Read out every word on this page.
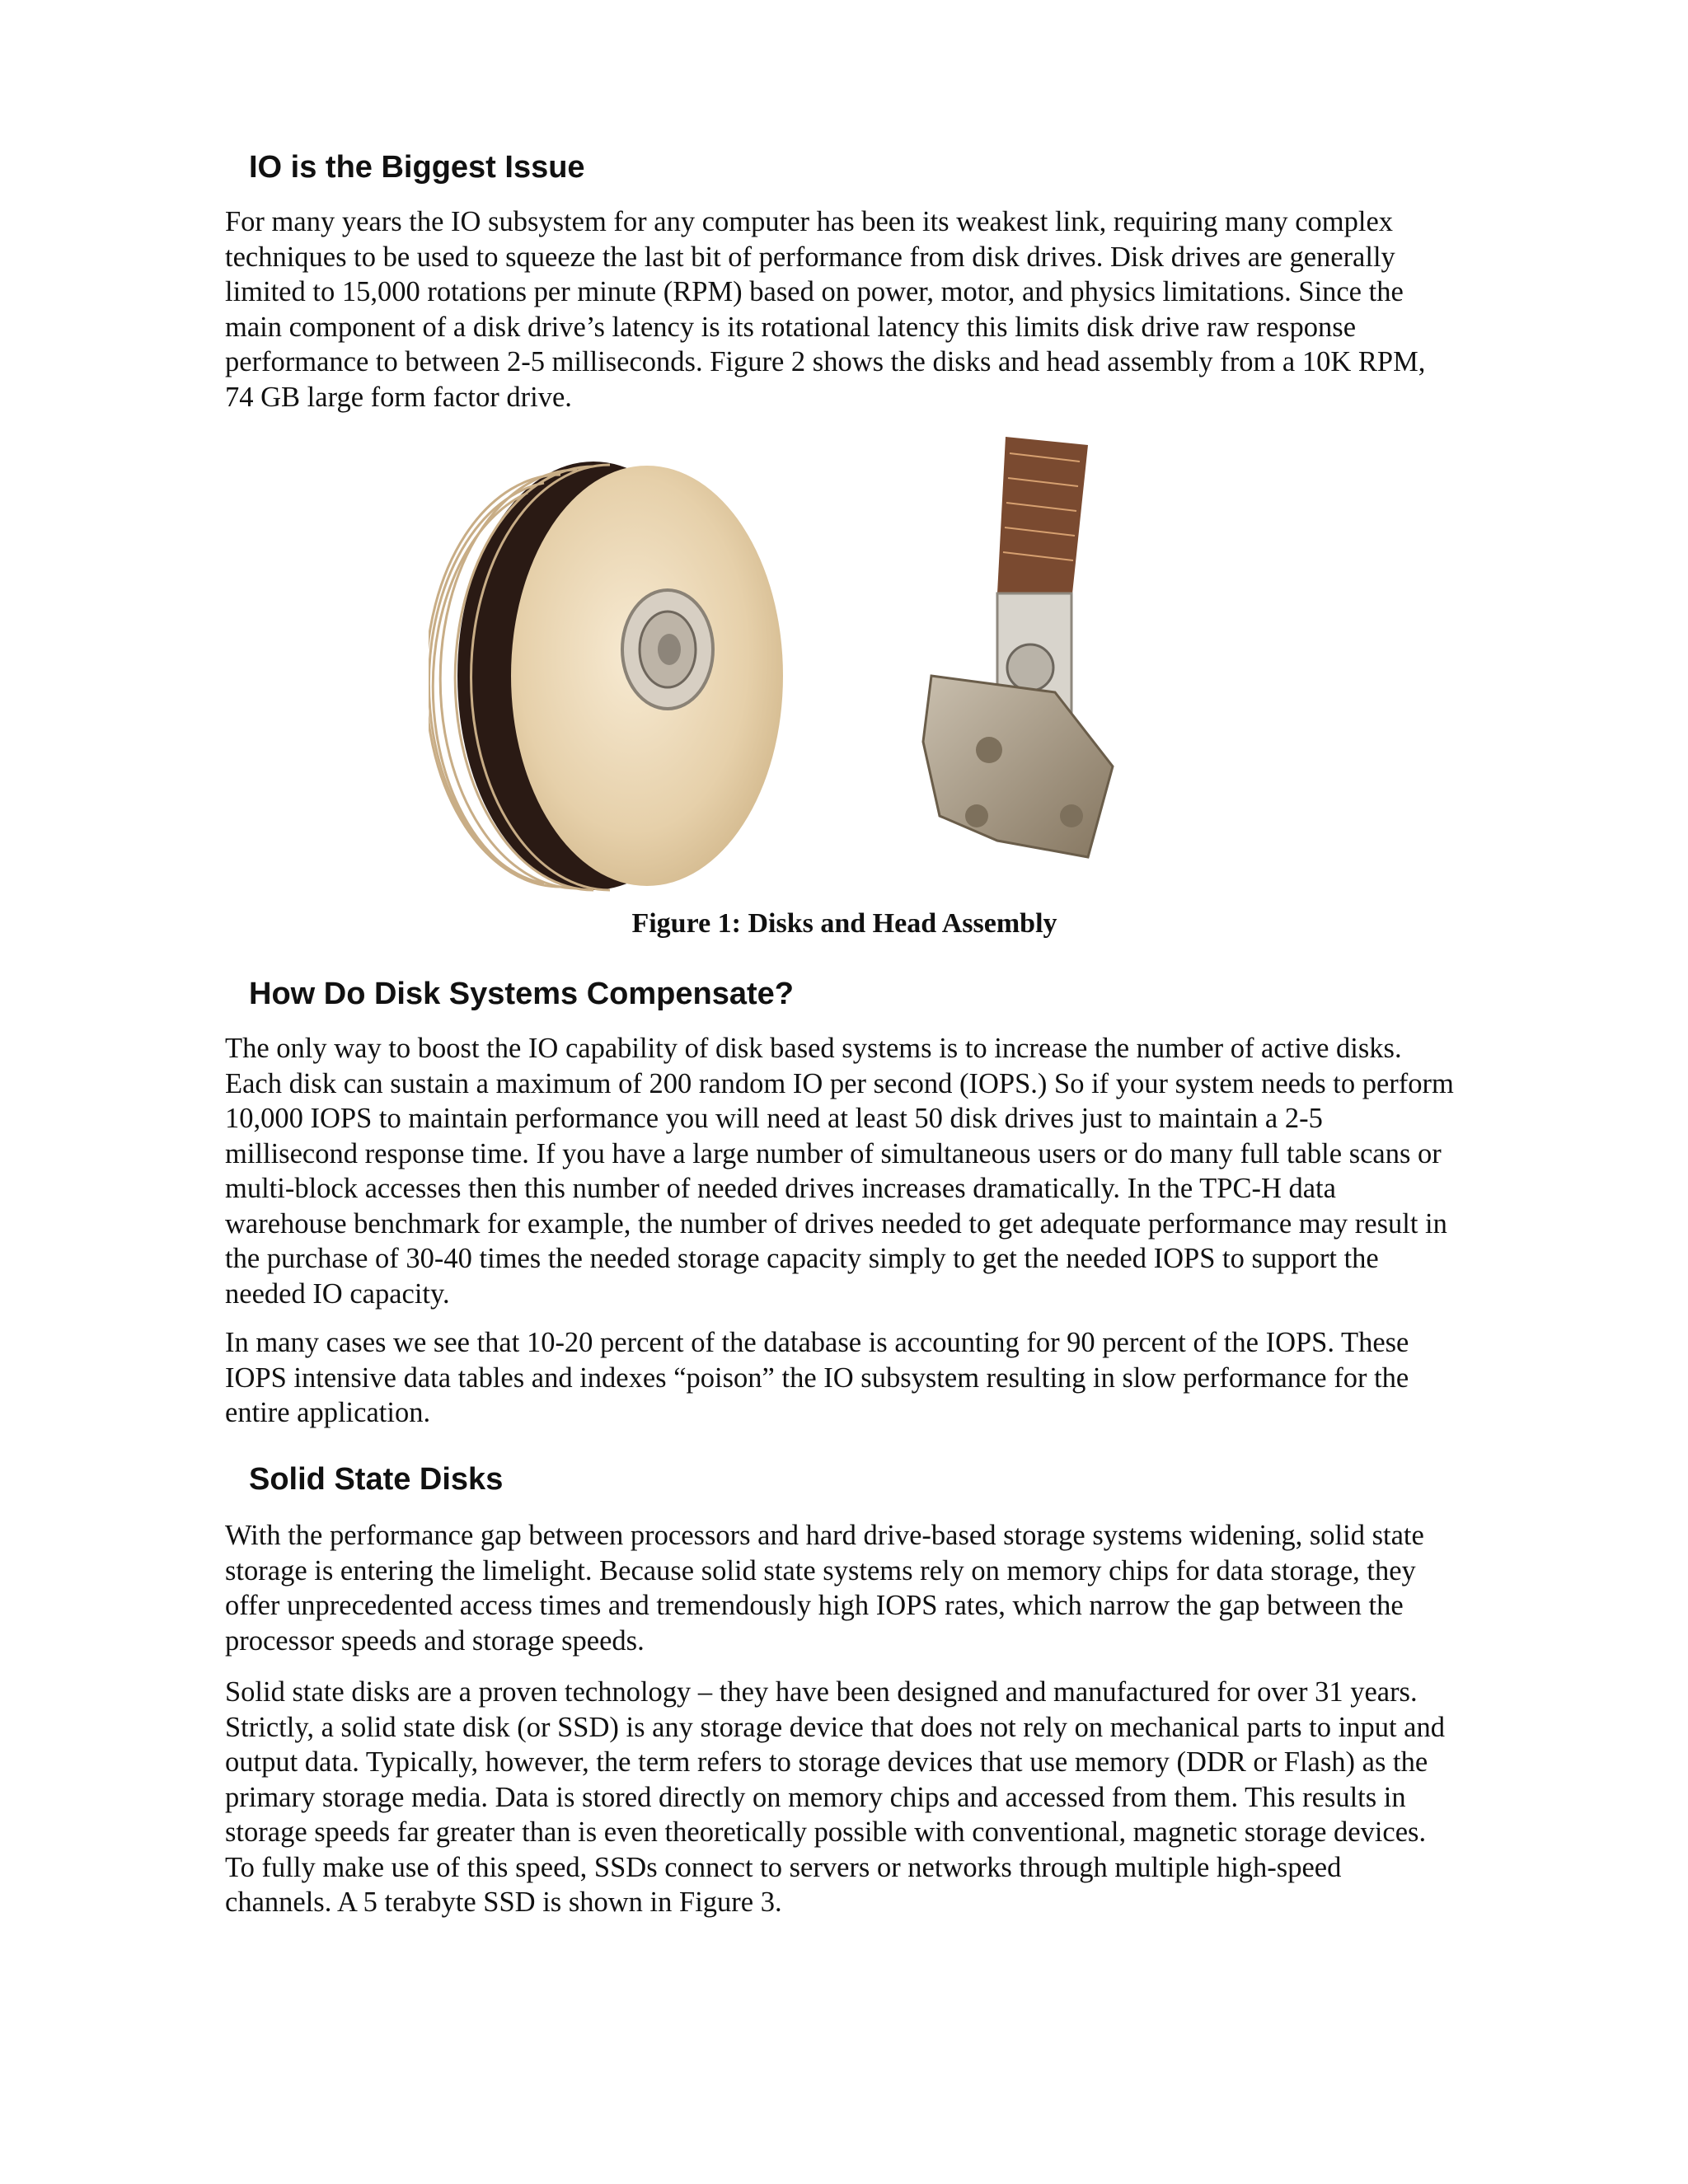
IO is the Biggest Issue

For many years the IO subsystem for any computer has been its weakest link, requiring many complex
techniques to be used to squeeze the last bit of performance from disk drives. Disk drives are generally
limited to 15,000 rotations per minute (RPM) based on power, motor, and physics limitations. Since the
main component of a disk drive’s latency is its rotational latency this limits disk drive raw response
performance to between 2-5 milliseconds. Figure 2 shows the disks and head assembly from a 10K RPM,
74 GB large form factor drive.

Figure 1: Disks and Head Assembly
How Do Disk Systems Compensate?

The only way to boost the IO capability of disk based systems is to increase the number of active disks.
Each disk can sustain a maximum of 200 random IO per second (IOPS.) So if your system needs to perform
10,000 IOPS to maintain performance you will need at least 50 disk drives just to maintain a 2-5
millisecond response time. If you have a large number of simultaneous users or do many full table scans or
multi-block accesses then this number of needed drives increases dramatically. In the TPC-H data
warehouse benchmark for example, the number of drives needed to get adequate performance may result in
the purchase of 30-40 times the needed storage capacity simply to get the needed IOPS to support the
needed IO capacity.

In many cases we see that 10-20 percent of the database is accounting for 90 percent of the IOPS. These
IOPS intensive data tables and indexes “poison” the IO subsystem resulting in slow performance for the
entire application.

Solid State Disks

With the performance gap between processors and hard drive-based storage systems widening, solid state
storage is entering the limelight. Because solid state systems rely on memory chips for data storage, they
offer unprecedented access times and tremendously high IOPS rates, which narrow the gap between the
processor speeds and storage speeds.

Solid state disks are a proven technology – they have been designed and manufactured for over 31 years.
Strictly, a solid state disk (or SSD) is any storage device that does not rely on mechanical parts to input and
output data. Typically, however, the term refers to storage devices that use memory (DDR or Flash) as the
primary storage media. Data is stored directly on memory chips and accessed from them. This results in
storage speeds far greater than is even theoretically possible with conventional, magnetic storage devices.
To fully make use of this speed, SSDs connect to servers or networks through multiple high-speed
channels. A 5 terabyte SSD is shown in Figure 3.
